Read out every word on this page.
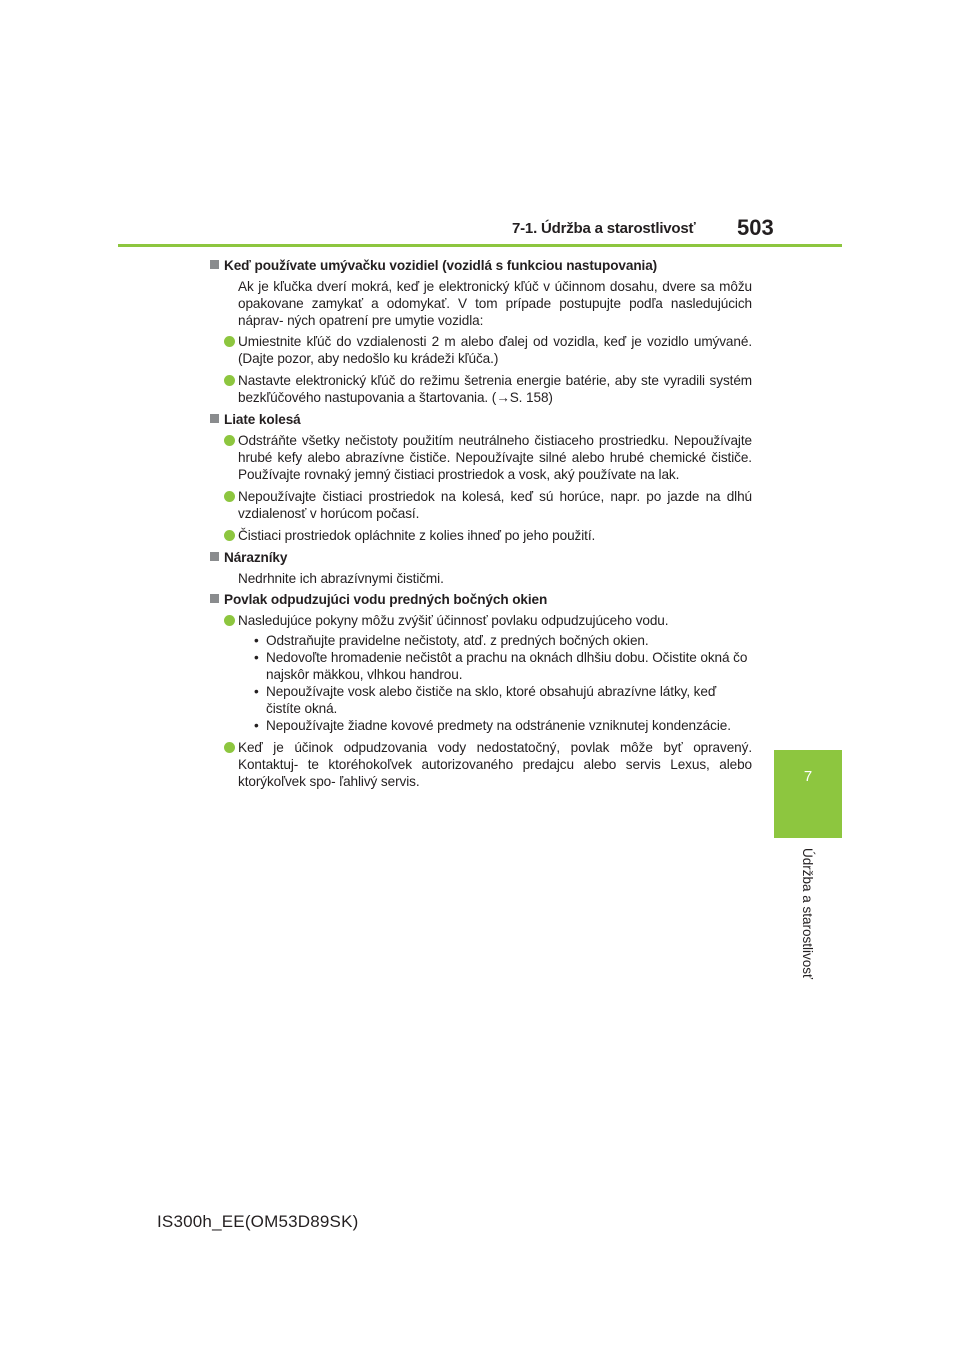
7-1. Údržba a starostlivosť 503
7
Údržba a starostlivosť
Keď používate umývačku vozidiel (vozidlá s funkciou nastupovania)
Ak je kľučka dverí mokrá, keď je elektronický kľúč v účinnom dosahu, dvere sa môžu opakovane zamykať a odomykať. V tom prípade postupujte podľa nasledujúcich náprav- ných opatrení pre umytie vozidla:
Umiestnite kľúč do vzdialenosti 2 m alebo ďalej od vozidla, keď je vozidlo umývané. (Dajte pozor, aby nedošlo ku krádeži kľúča.)
Nastavte elektronický kľúč do režimu šetrenia energie batérie, aby ste vyradili systém bezkľúčového nastupovania a štartovania. (→S. 158)
Liate kolesá
Odstráňte všetky nečistoty použitím neutrálneho čistiaceho prostriedku. Nepoužívajte hrubé kefy alebo abrazívne čističe. Nepoužívajte silné alebo hrubé chemické čističe. Používajte rovnaký jemný čistiaci prostriedok a vosk, aký používate na lak.
Nepoužívajte čistiaci prostriedok na kolesá, keď sú horúce, napr. po jazde na dlhú vzdialenosť v horúcom počasí.
Čistiaci prostriedok opláchnite z kolies ihneď po jeho použití.
Nárazníky
Nedrhnite ich abrazívnymi čističmi.
Povlak odpudzujúci vodu predných bočných okien
Nasledujúce pokyny môžu zvýšiť účinnosť povlaku odpudzujúceho vodu.
• Odstraňujte pravidelne nečistoty, atď. z predných bočných okien.
• Nedovoľte hromadenie nečistôt a prachu na oknách dlhšiu dobu. Očistite okná čo najskôr mäkkou, vlhkou handrou.
• Nepoužívajte vosk alebo čističe na sklo, ktoré obsahujú abrazívne látky, keď čistíte okná.
• Nepoužívajte žiadne kovové predmety na odstránenie vzniknutej kondenzácie.
Keď je účinok odpudzovania vody nedostatočný, povlak môže byť opravený. Kontaktuj- te ktoréhokoľvek autorizovaného predajcu alebo servis Lexus, alebo ktorýkoľvek spo- ľahlivý servis.
IS300h_EE(OM53D89SK)
